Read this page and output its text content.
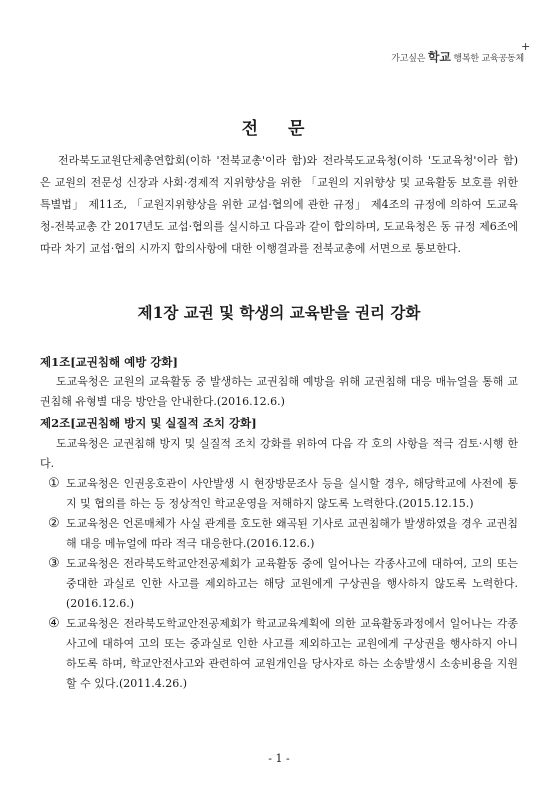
가고싶은 학교 행복한 교육공동체
+
전 문
전라북도교원단체총연합회(이하 '전북교총'이라 함)와 전라북도교육청(이하 '도교육청'이라 함)은 교원의 전문성 신장과 사회·경제적 지위향상을 위한 「교원의 지위향상 및 교육활동 보호를 위한 특별법」 제11조, 「교원지위향상을 위한 교섭·협의에 관한 규정」 제4조의 규정에 의하여 도교육청-전북교총 간 2017년도 교섭·협의를 실시하고 다음과 같이 합의하며, 도교육청은 동 규정 제6조에 따라 차기 교섭·협의 시까지 합의사항에 대한 이행결과를 전북교총에 서면으로 통보한다.
제1장 교권 및 학생의 교육받을 권리 강화
제1조[교권침해 예방 강화]
도교육청은 교원의 교육활동 중 발생하는 교권침해 예방을 위해 교권침해 대응 매뉴얼을 통해 교권침해 유형별 대응 방안을 안내한다.(2016.12.6.)
제2조[교권침해 방지 및 실질적 조치 강화]
도교육청은 교권침해 방지 및 실질적 조치 강화를 위하여 다음 각 호의 사항을 적극 검토·시행 한다.
① 도교육청은 인권옹호관이 사안발생 시 현장방문조사 등을 실시할 경우, 해당학교에 사전에 통지 및 협의를 하는 등 정상적인 학교운영을 저해하지 않도록 노력한다.(2015.12.15.)
② 도교육청은 언론매체가 사실 관계를 호도한 왜곡된 기사로 교권침해가 발생하였을 경우 교권침해 대응 메뉴얼에 따라 적극 대응한다.(2016.12.6.)
③ 도교육청은 전라북도학교안전공제회가 교육활동 중에 일어나는 각종사고에 대하여, 고의 또는 중대한 과실로 인한 사고를 제외하고는 해당 교원에게 구상권을 행사하지 않도록 노력한다.(2016.12.6.)
④ 도교육청은 전라북도학교안전공제회가 학교교육계획에 의한 교육활동과정에서 일어나는 각종 사고에 대하여 고의 또는 중과실로 인한 사고를 제외하고는 교원에게 구상권을 행사하지 아니하도록 하며, 학교안전사고와 관련하여 교원개인을 당사자로 하는 소송발생시 소송비용을 지원할 수 있다.(2011.4.26.)
- 1 -
